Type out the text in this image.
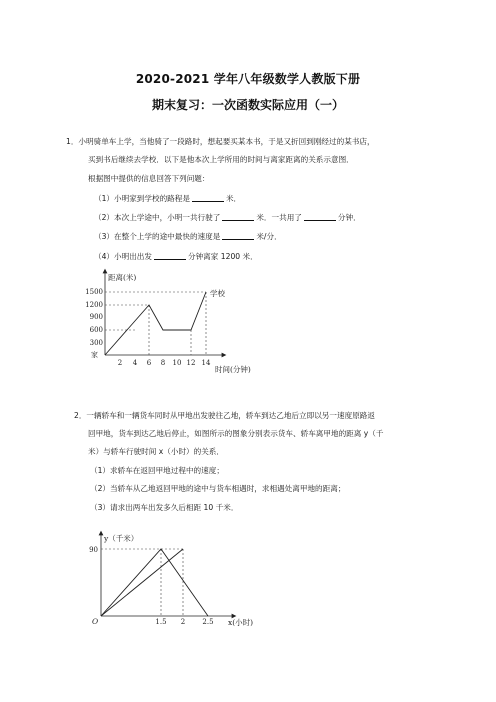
2020-2021 学年八年级数学人教版下册
期末复习：一次函数实际应用（一）
1．小明骑单车上学，当他骑了一段路时，想起要买某本书，于是又折回到刚经过的某书店，
买到书后继续去学校．以下是他本次上学所用的时间与离家距离的关系示意图．
根据图中提供的信息回答下列问题：
（1）小明家到学校的路程是	米．
（2）本次上学途中，小明一共行驶了	米．一共用了	分钟．
（3）在整个上学的途中最快的速度是	米/分．
（4）小明出出发	分钟离家 1200 米．
1500
1200
900
600
300
家
2 4 6 8 10 12 14
距离(米)
学校
时间(分钟)
2．一辆轿车和一辆货车同时从甲地出发驶往乙地，轿车到达乙地后立即以另一速度原路返
回甲地，货车到达乙地后停止，如图所示的图象分别表示货车、轿车离甲地的距离 y（千
米）与轿车行驶时间 x（小时）的关系．
（1）求轿车在返回甲地过程中的速度；
（2）当轿车从乙地返回甲地的途中与货车相遇时，求相遇处离甲地的距离；
（3）请求出两车出发多久后相距 10 千米．
90
O	1.5 2 2.5
y（千米）
x(小时)
